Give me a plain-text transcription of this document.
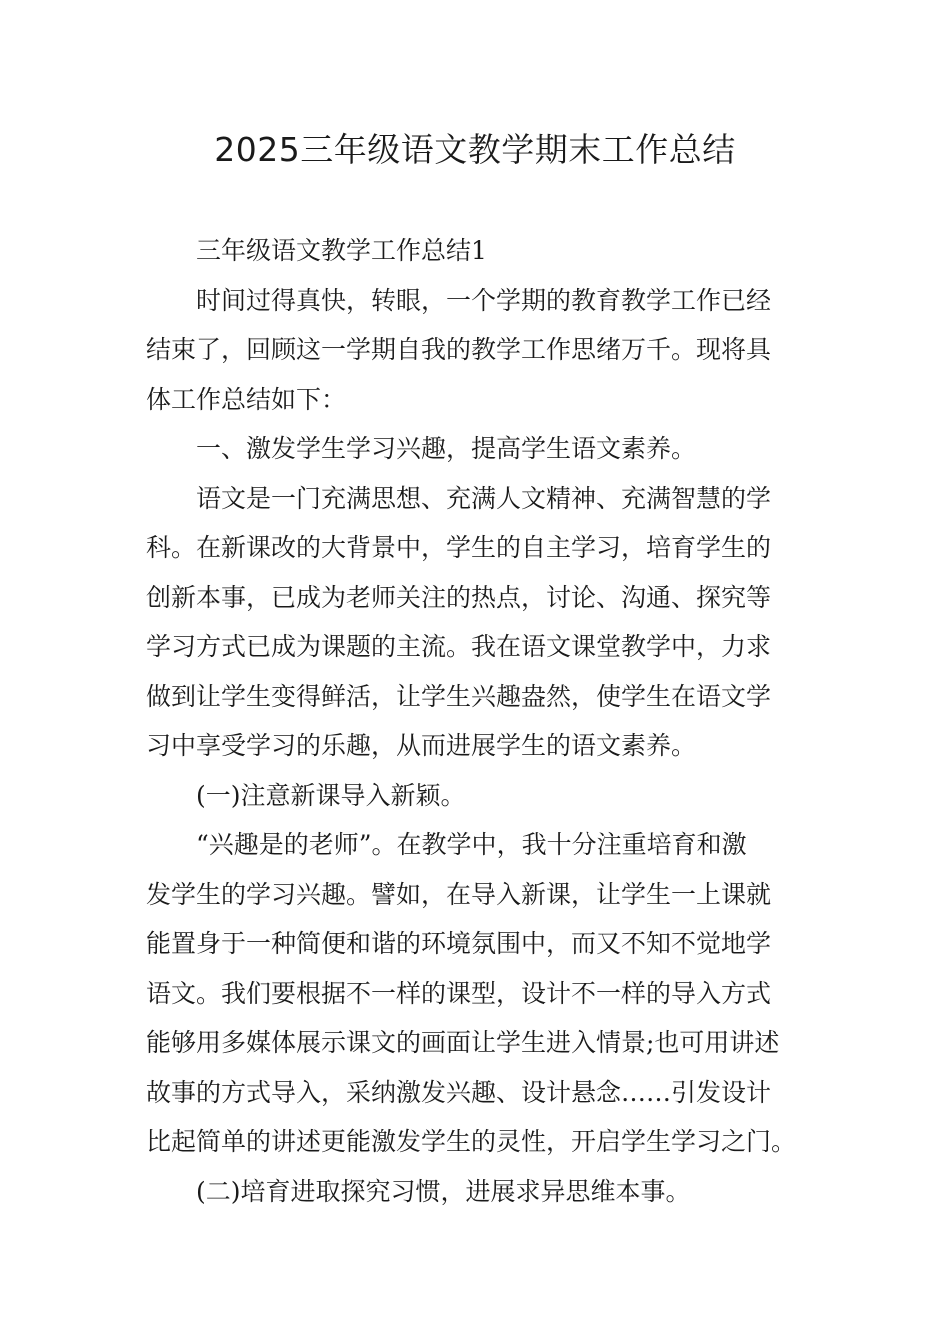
2025三年级语文教学期末工作总结

三年级语文教学工作总结1

时间过得真快，转眼，一个学期的教育教学工作已经
结束了，回顾这一学期自我的教学工作思绪万千。现将具
体工作总结如下：

一、激发学生学习兴趣，提高学生语文素养。

语文是一门充满思想、充满人文精神、充满智慧的学
科。在新课改的大背景中，学生的自主学习，培育学生的
创新本事，已成为老师关注的热点，讨论、沟通、探究等
学习方式已成为课题的主流。我在语文课堂教学中，力求
做到让学生变得鲜活，让学生兴趣盎然，使学生在语文学
习中享受学习的乐趣，从而进展学生的语文素养。

(一)注意新课导入新颖。

“兴趣是的老师”。在教学中，我十分注重培育和激
发学生的学习兴趣。譬如，在导入新课，让学生一上课就
能置身于一种简便和谐的环境氛围中，而又不知不觉地学
语文。我们要根据不一样的课型，设计不一样的导入方式
能够用多媒体展示课文的画面让学生进入情景;也可用讲述
故事的方式导入，采纳激发兴趣、设计悬念……引发设计
比起简单的讲述更能激发学生的灵性，开启学生学习之门。

(二)培育进取探究习惯，进展求异思维本事。
